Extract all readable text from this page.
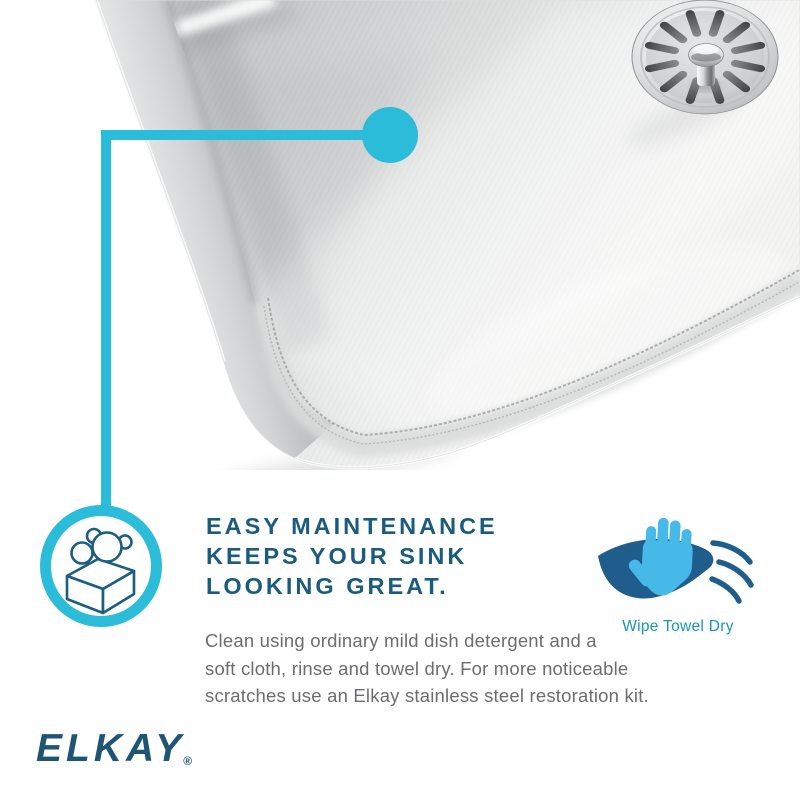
EASY MAINTENANCE
KEEPS YOUR SINK
LOOKING GREAT.
Clean using ordinary mild dish detergent and a
soft cloth, rinse and towel dry. For more noticeable
scratches use an Elkay stainless steel restoration kit.
Wipe Towel Dry
ELKAY®
